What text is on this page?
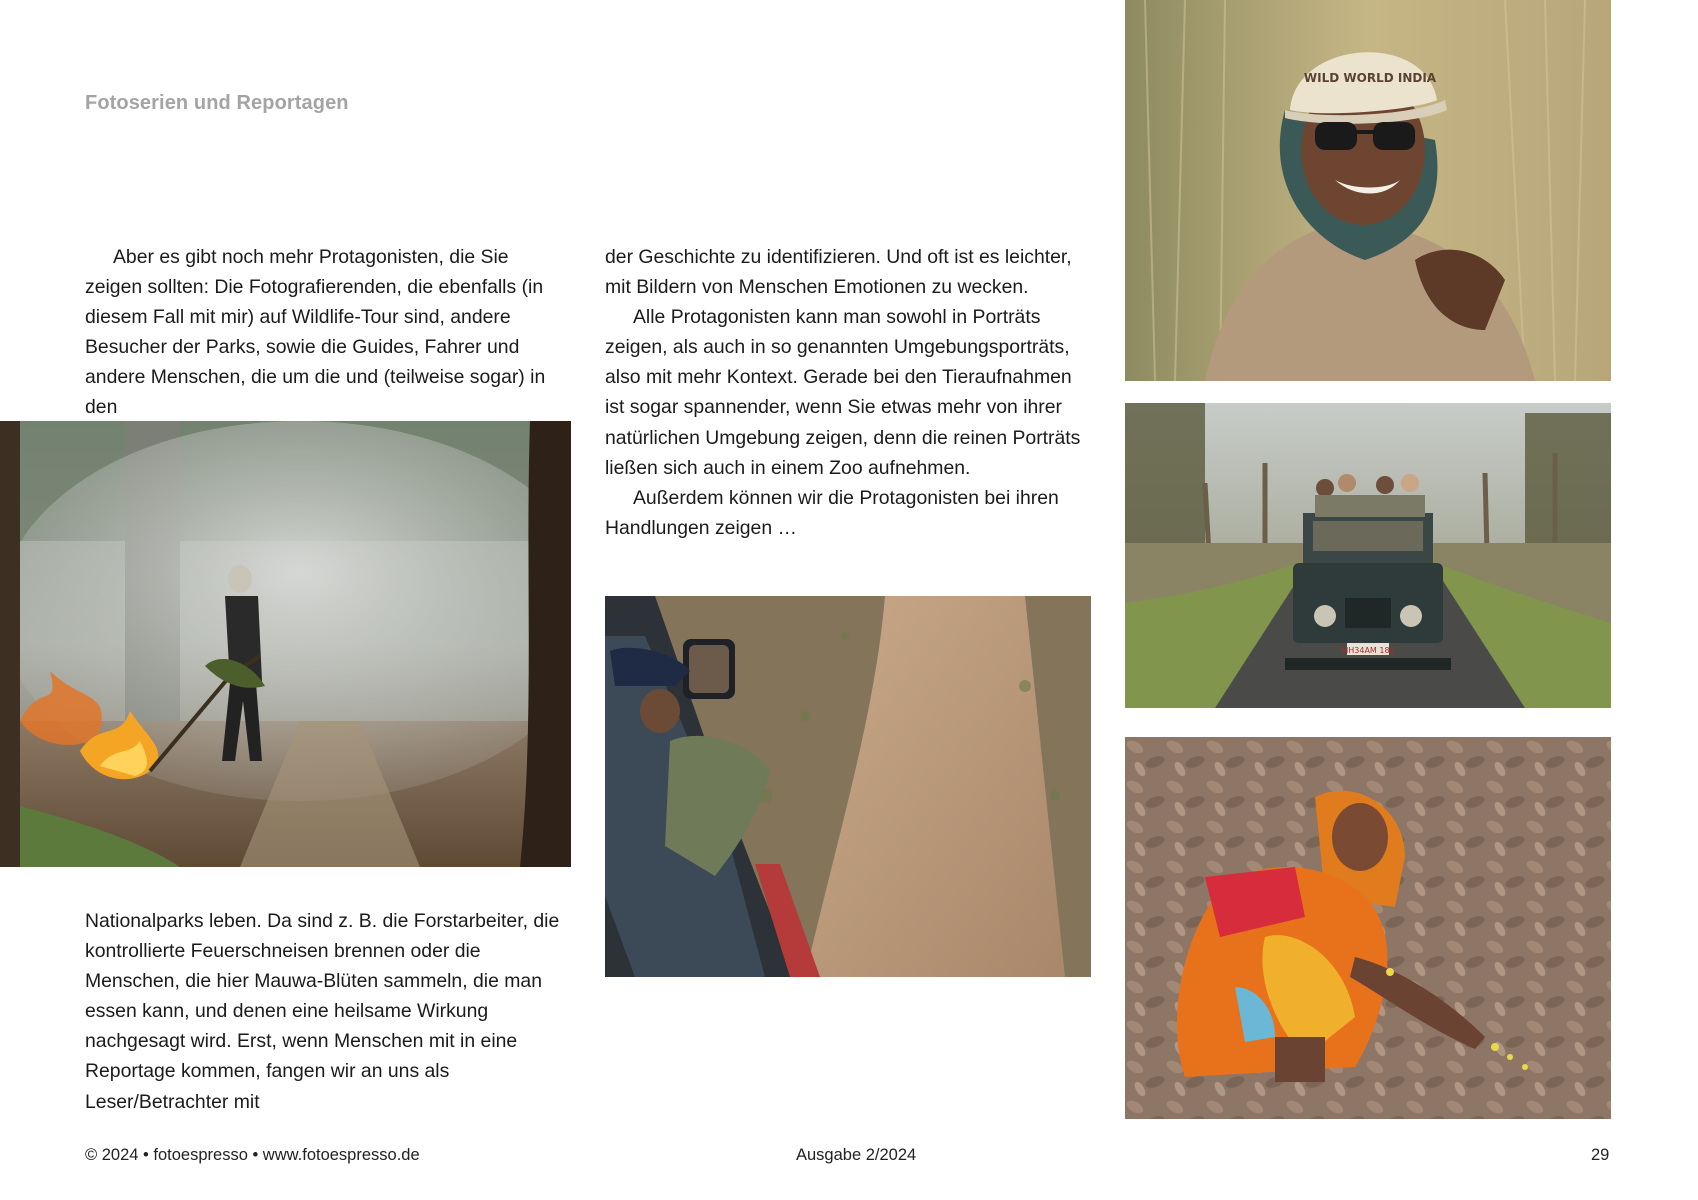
Fotoserien und Reportagen

Aber es gibt noch mehr Protagonisten, die Sie zeigen sollten: Die Fotografierenden, die ebenfalls (in diesem Fall mit mir) auf Wildlife-Tour sind, andere Besucher der Parks, sowie die Guides, Fahrer und andere Menschen, die um die und (teilweise sogar) in den

Nationalparks leben. Da sind z. B. die Forstarbeiter, die kontrollierte Feuerschneisen brennen oder die Menschen, die hier Mauwa-Blüten sammeln, die man essen kann, und denen eine heilsame Wirkung nachgesagt wird. Erst, wenn Menschen mit in eine Reportage kommen, fangen wir an uns als Leser/Betrachter mit

der Geschichte zu identifizieren. Und oft ist es leichter, mit Bildern von Menschen Emotionen zu wecken.

Alle Protagonisten kann man sowohl in Porträts zeigen, als auch in so genannten Umgebungsporträts, also mit mehr Kontext. Gerade bei den Tieraufnahmen ist sogar spannender, wenn Sie etwas mehr von ihrer natürlichen Umgebung zeigen, denn die reinen Porträts ließen sich auch in einem Zoo aufnehmen.

Außerdem können wir die Protagonisten bei ihren Handlungen zeigen …

WILD WORLD INDIA
MH34AM 186
© 2024 • fotoespresso • www.fotoespresso.de	Ausgabe 2/2024	29
